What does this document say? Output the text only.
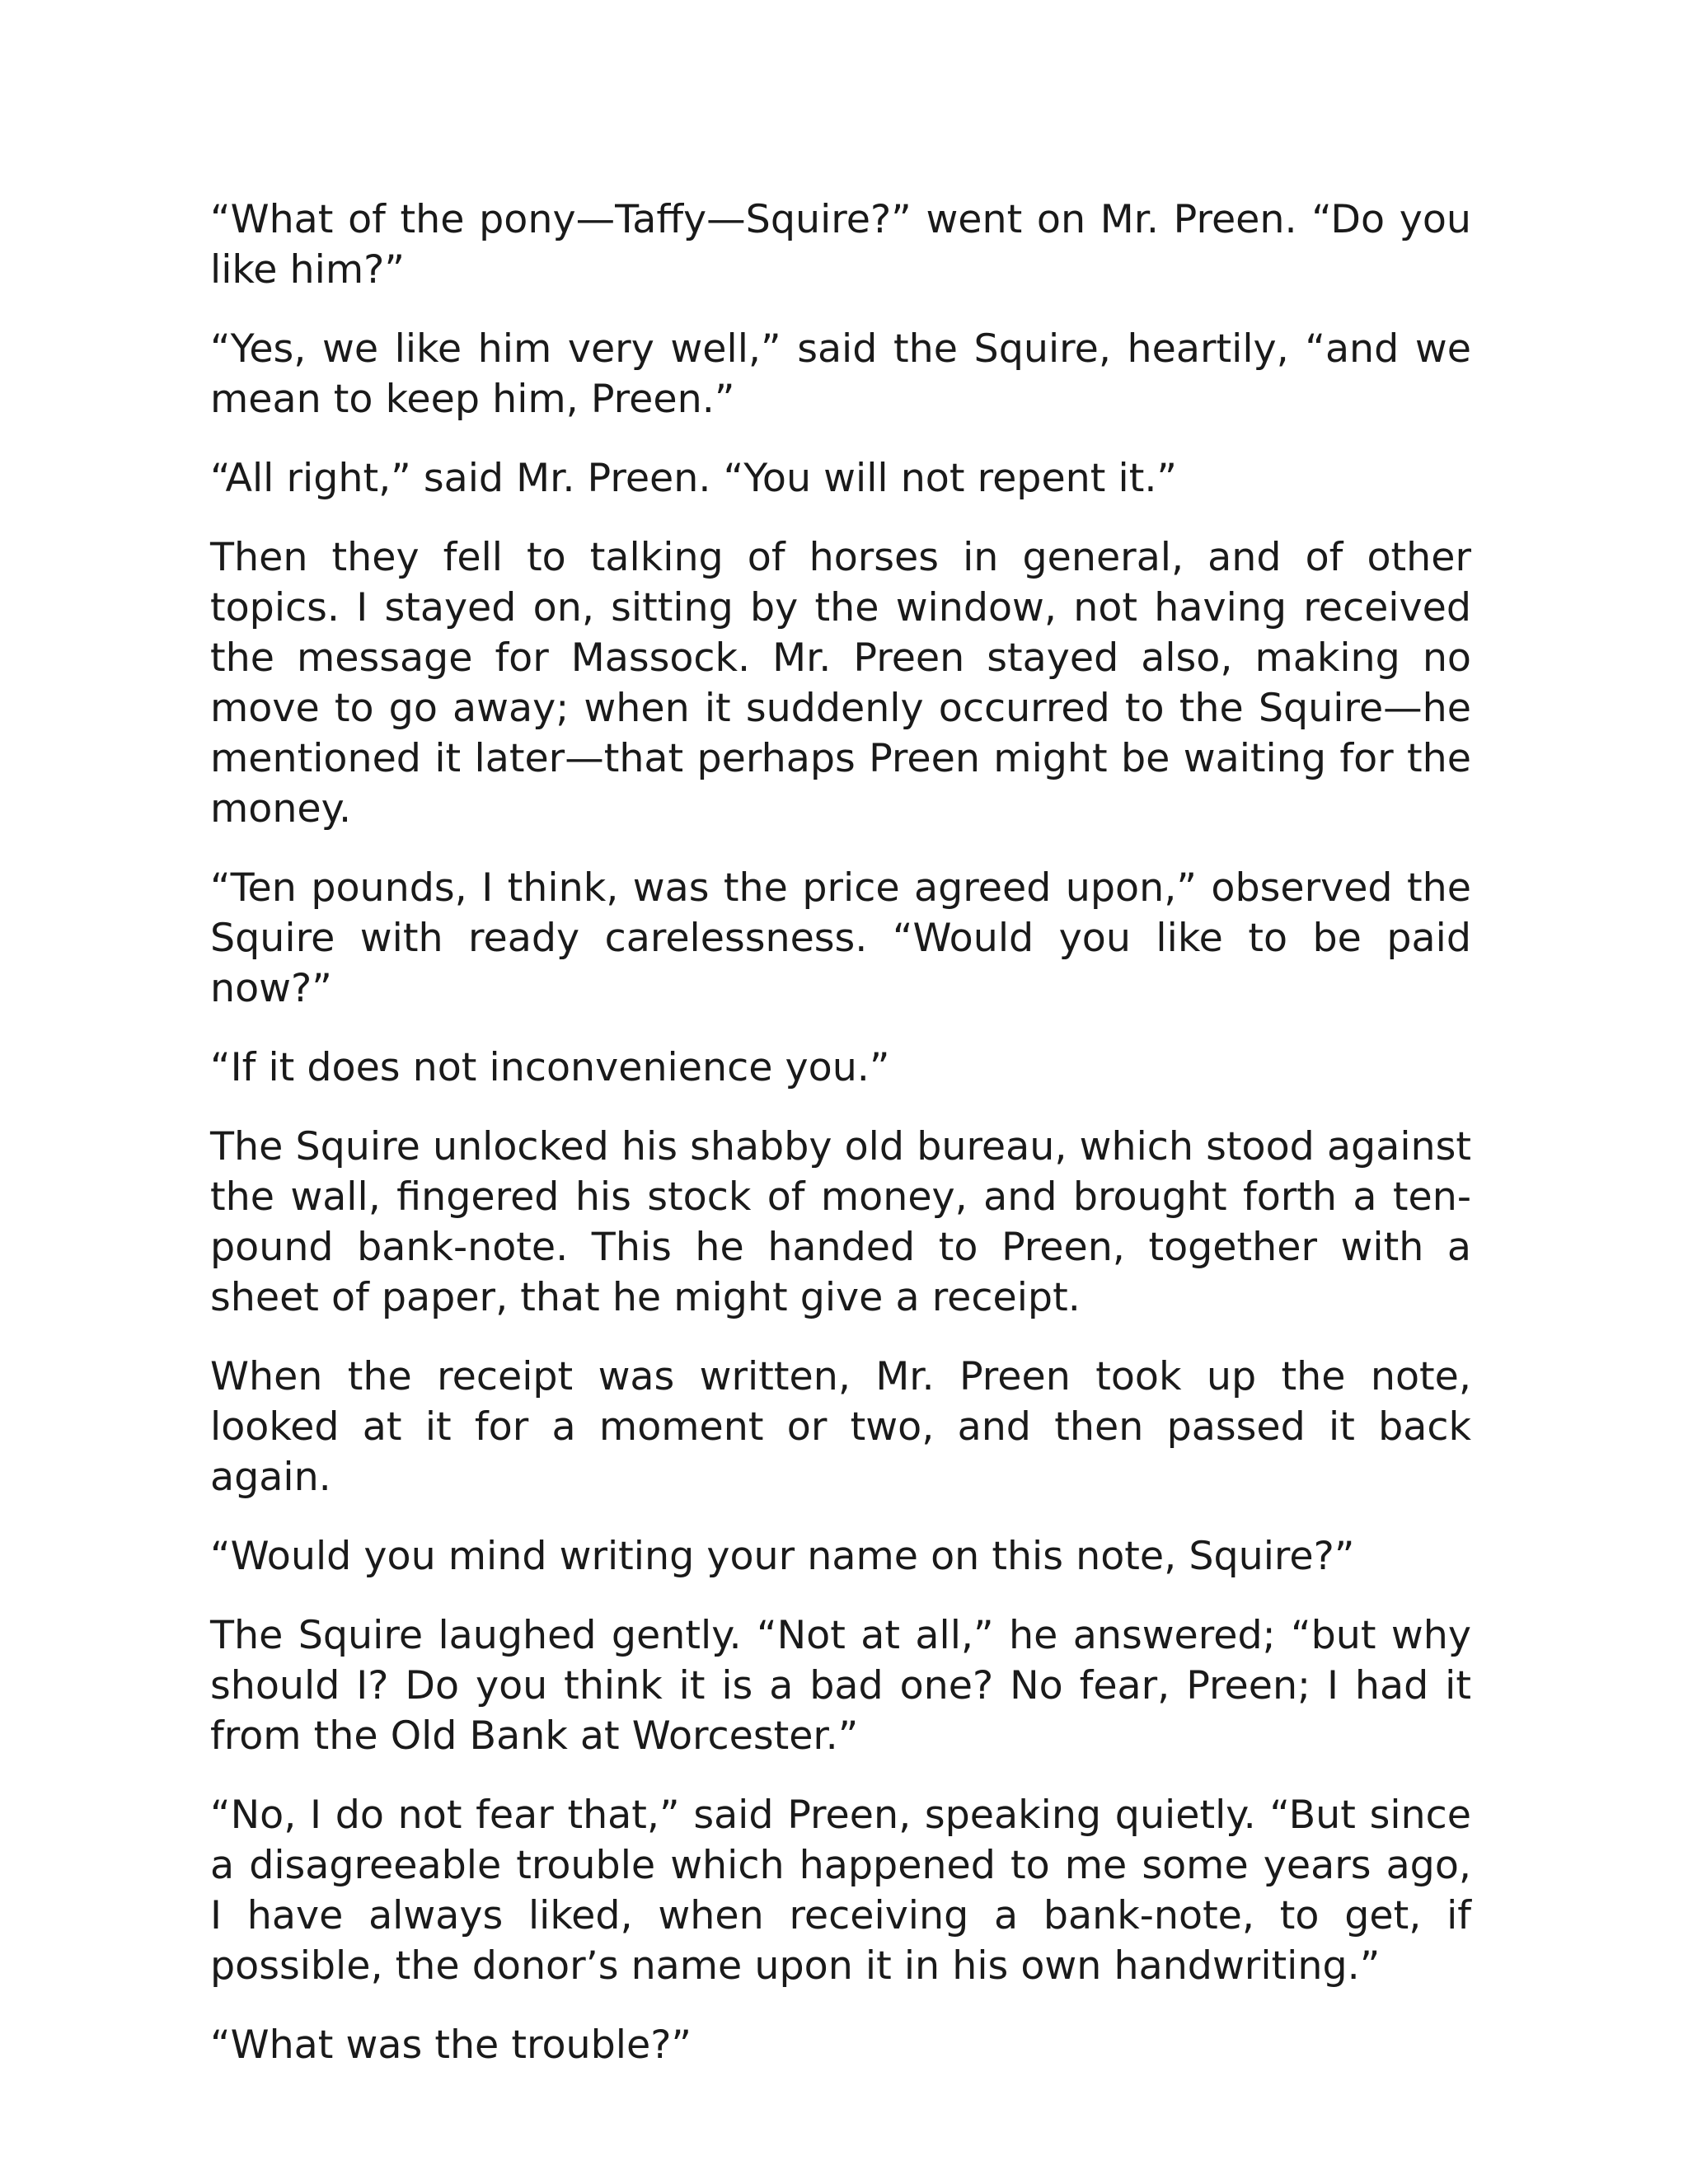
“What of the pony—Taffy—Squire?” went on Mr. Preen. “Do you like him?”

“Yes, we like him very well,” said the Squire, heartily, “and we mean to keep him, Preen.”

“All right,” said Mr. Preen. “You will not repent it.”

Then they fell to talking of horses in general, and of other topics. I stayed on, sitting by the window, not having received the message for Massock. Mr. Preen stayed also, making no move to go away; when it suddenly occurred to the Squire—he mentioned it later—that perhaps Preen might be waiting for the money.

“Ten pounds, I think, was the price agreed upon,” observed the Squire with ready carelessness. “Would you like to be paid now?”

“If it does not inconvenience you.”

The Squire unlocked his shabby old bureau, which stood against the wall, fingered his stock of money, and brought forth a ten-pound bank-note. This he handed to Preen, together with a sheet of paper, that he might give a receipt.

When the receipt was written, Mr. Preen took up the note, looked at it for a moment or two, and then passed it back again.

“Would you mind writing your name on this note, Squire?”

The Squire laughed gently. “Not at all,” he answered; “but why should I? Do you think it is a bad one? No fear, Preen; I had it from the Old Bank at Worcester.”

“No, I do not fear that,” said Preen, speaking quietly. “But since a disagreeable trouble which happened to me some years ago, I have always liked, when receiving a bank-note, to get, if possible, the donor’s name upon it in his own handwriting.”

“What was the trouble?”
